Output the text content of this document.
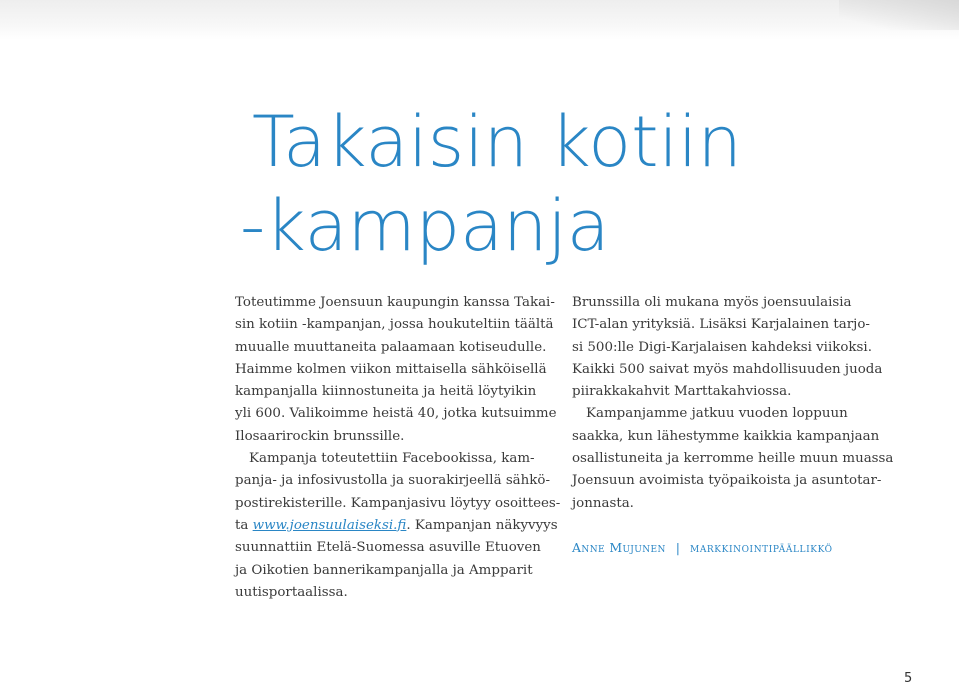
Takaisin kotiin
-kampanja

Toteutimme Joensuun kaupungin kanssa Takai-
sin kotiin -kampanjan, jossa houkuteltiin täältä
muualle muuttaneita palaamaan kotiseudulle.
Haimme kolmen viikon mittaisella sähköisellä
kampanjalla kiinnostuneita ja heitä löytyikin
yli 600. Valikoimme heistä 40, jotka kutsuimme
Ilosaarirockin brunssille.

Kampanja toteutettiin Facebookissa, kam-
panja- ja infosivustolla ja suorakirjeellä sähkö-
postirekisterille. Kampanjasivu löytyy osoittees-
ta www.joensuulaiseksi.fi. Kampanjan näkyvyys
suunnattiin Etelä-Suomessa asuville Etuoven
ja Oikotien bannerikampanjalla ja Ampparit
uutisportaalissa.

Brunssilla oli mukana myös joensuulaisia
ICT-alan yrityksiä. Lisäksi Karjalainen tarjo-
si 500:lle Digi-Karjalaisen kahdeksi viikoksi.
Kaikki 500 saivat myös mahdollisuuden juoda
piirakkakahvit Marttakahviossa.

Kampanjamme jatkuu vuoden loppuun
saakka, kun lähestymme kaikkia kampanjaan
osallistuneita ja kerromme heille muun muassa
Joensuun avoimista työpaikoista ja asuntotar-
jonnasta.

Anne Mujunen | markkinointipäällikkö
5
